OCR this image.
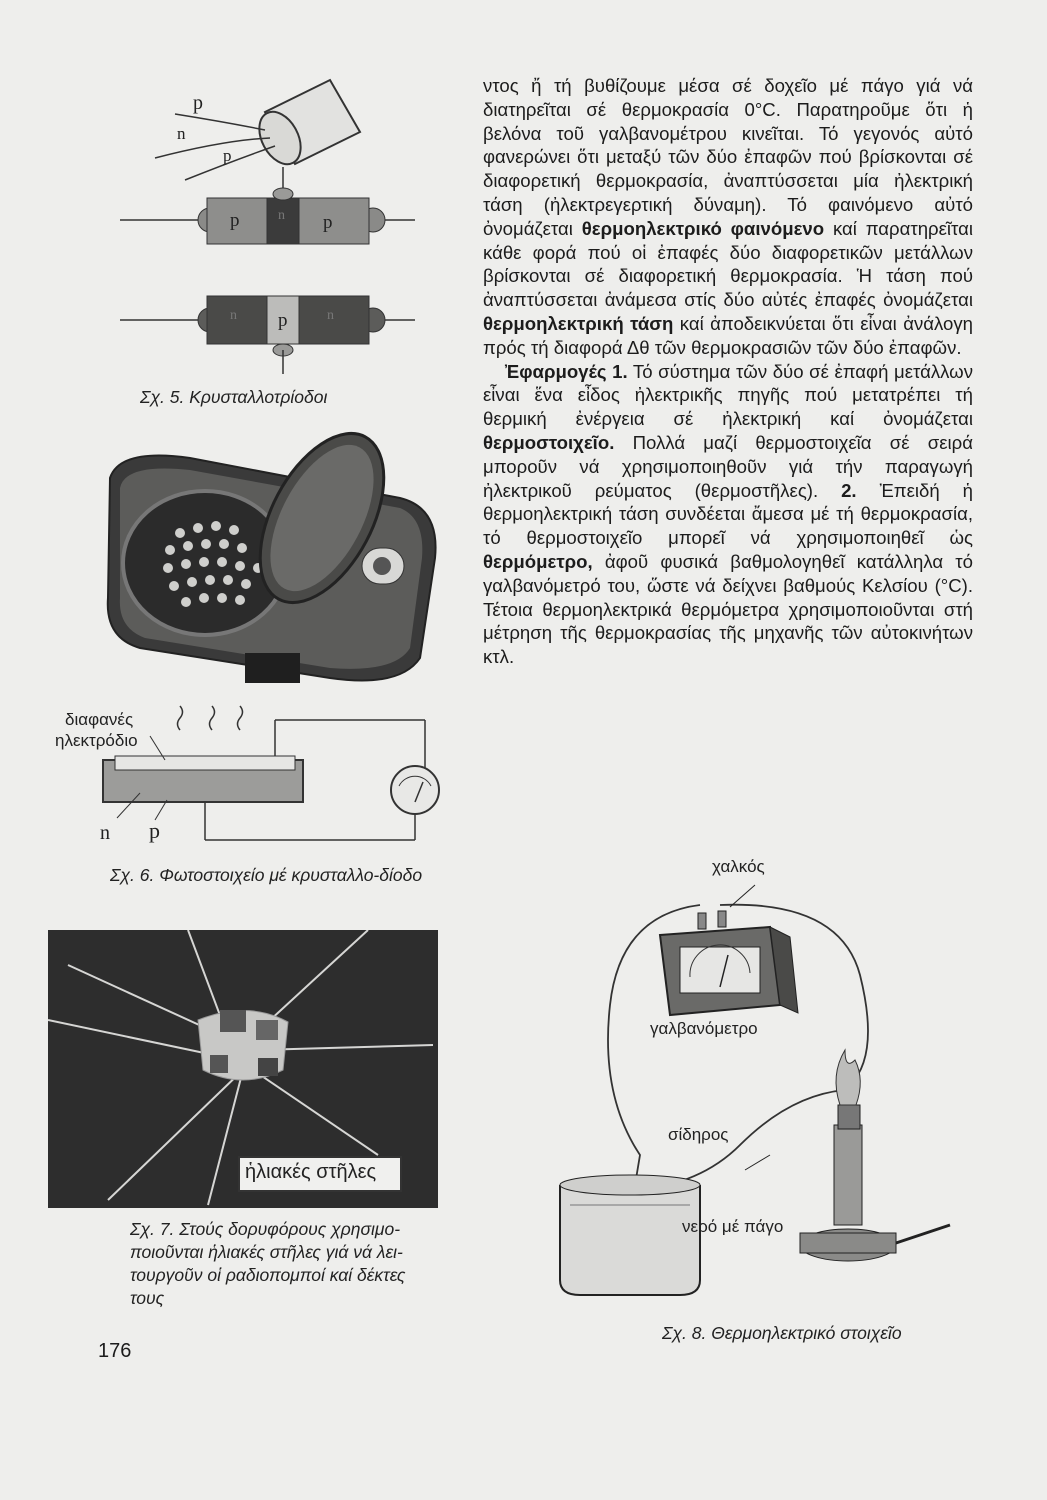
p
n
p
p	n p
n p	n
Σχ. 5. Κρυσταλλοτρίοδοι
διαφανές
ηλεκτρόδιο
n p
Σχ. 6. Φωτοστοιχείο μέ κρυσταλλο-δίοδο
ἡλιακές στῆλες
Σχ. 7. Στούς δορυφόρους χρησιμο-ποιοῦνται ἡλιακές στῆλες γιά νά λει-τουργοῦν οἱ ραδιοπομποί καί δέκτες τους
176

ντος ἤ τή βυθίζουμε μέσα σέ δοχεῖο μέ πάγο γιά νά διατηρεῖται σέ θερμοκρασία 0°C. Παρατηροῦμε ὅτι ἡ βελόνα τοῦ γαλβανομέτρου κινεῖται. Τό γεγονός αὐτό φανερώνει ὅτι μεταξύ τῶν δύο ἐπαφῶν πού βρίσκονται σέ διαφορετική θερμοκρασία, ἀναπτύσσεται μία ἠλεκτρική τάση (ἠλεκτρεγερτική δύναμη). Τό φαινόμενο αὐτό ὀνομάζεται θερμοηλεκτρικό φαινόμενο καί παρατηρεῖται κάθε φορά πού οἱ ἐπαφές δύο διαφορετικῶν μετάλλων βρίσκονται σέ διαφορετική θερμοκρασία. Ἡ τάση πού ἀναπτύσσεται ἀνάμεσα στίς δύο αὐτές ἐπαφές ὀνομάζεται θερμοηλεκτρική τάση καί ἀποδεικνύεται ὅτι εἶναι ἀνάλογη πρός τή διαφορά Δθ τῶν θερμοκρασιῶν τῶν δύο ἐπαφῶν.

Ἐφαρμογές 1. Τό σύστημα τῶν δύο σέ ἐπαφή μετάλλων εἶναι ἕνα εἶδος ἠλεκτρικῆς πηγῆς πού μετατρέπει τή θερμική ἐνέργεια σέ ἠλεκτρική καί ὀνομάζεται θερμοστοιχεῖο. Πολλά μαζί θερμοστοιχεῖα σέ σειρά μποροῦν νά χρησιμοποιηθοῦν γιά τήν παραγωγή ἠλεκτρικοῦ ρεύματος (θερμοστῆλες). 2. Ἐπειδή ἡ θερμοηλεκτρική τάση συνδέεται ἄμεσα μέ τή θερμοκρασία, τό θερμοστοιχεῖο μπορεῖ νά χρησιμοποιηθεῖ ὡς θερμόμετρο, ἀφοῦ φυσικά βαθμολογηθεῖ κατάλληλα τό γαλβανόμετρό του, ὥστε νά δείχνει βαθμούς Κελσίου (°C). Τέτοια θερμοηλεκτρικά θερμόμετρα χρησιμοποιοῦνται στή μέτρηση τῆς θερμοκρασίας τῆς μηχανῆς τῶν αὐτοκινήτων κτλ.

χαλκός
γαλβανόμετρο
σίδηρος
νερό μέ πάγο
Σχ. 8. Θερμοηλεκτρικό στοιχεῖο
